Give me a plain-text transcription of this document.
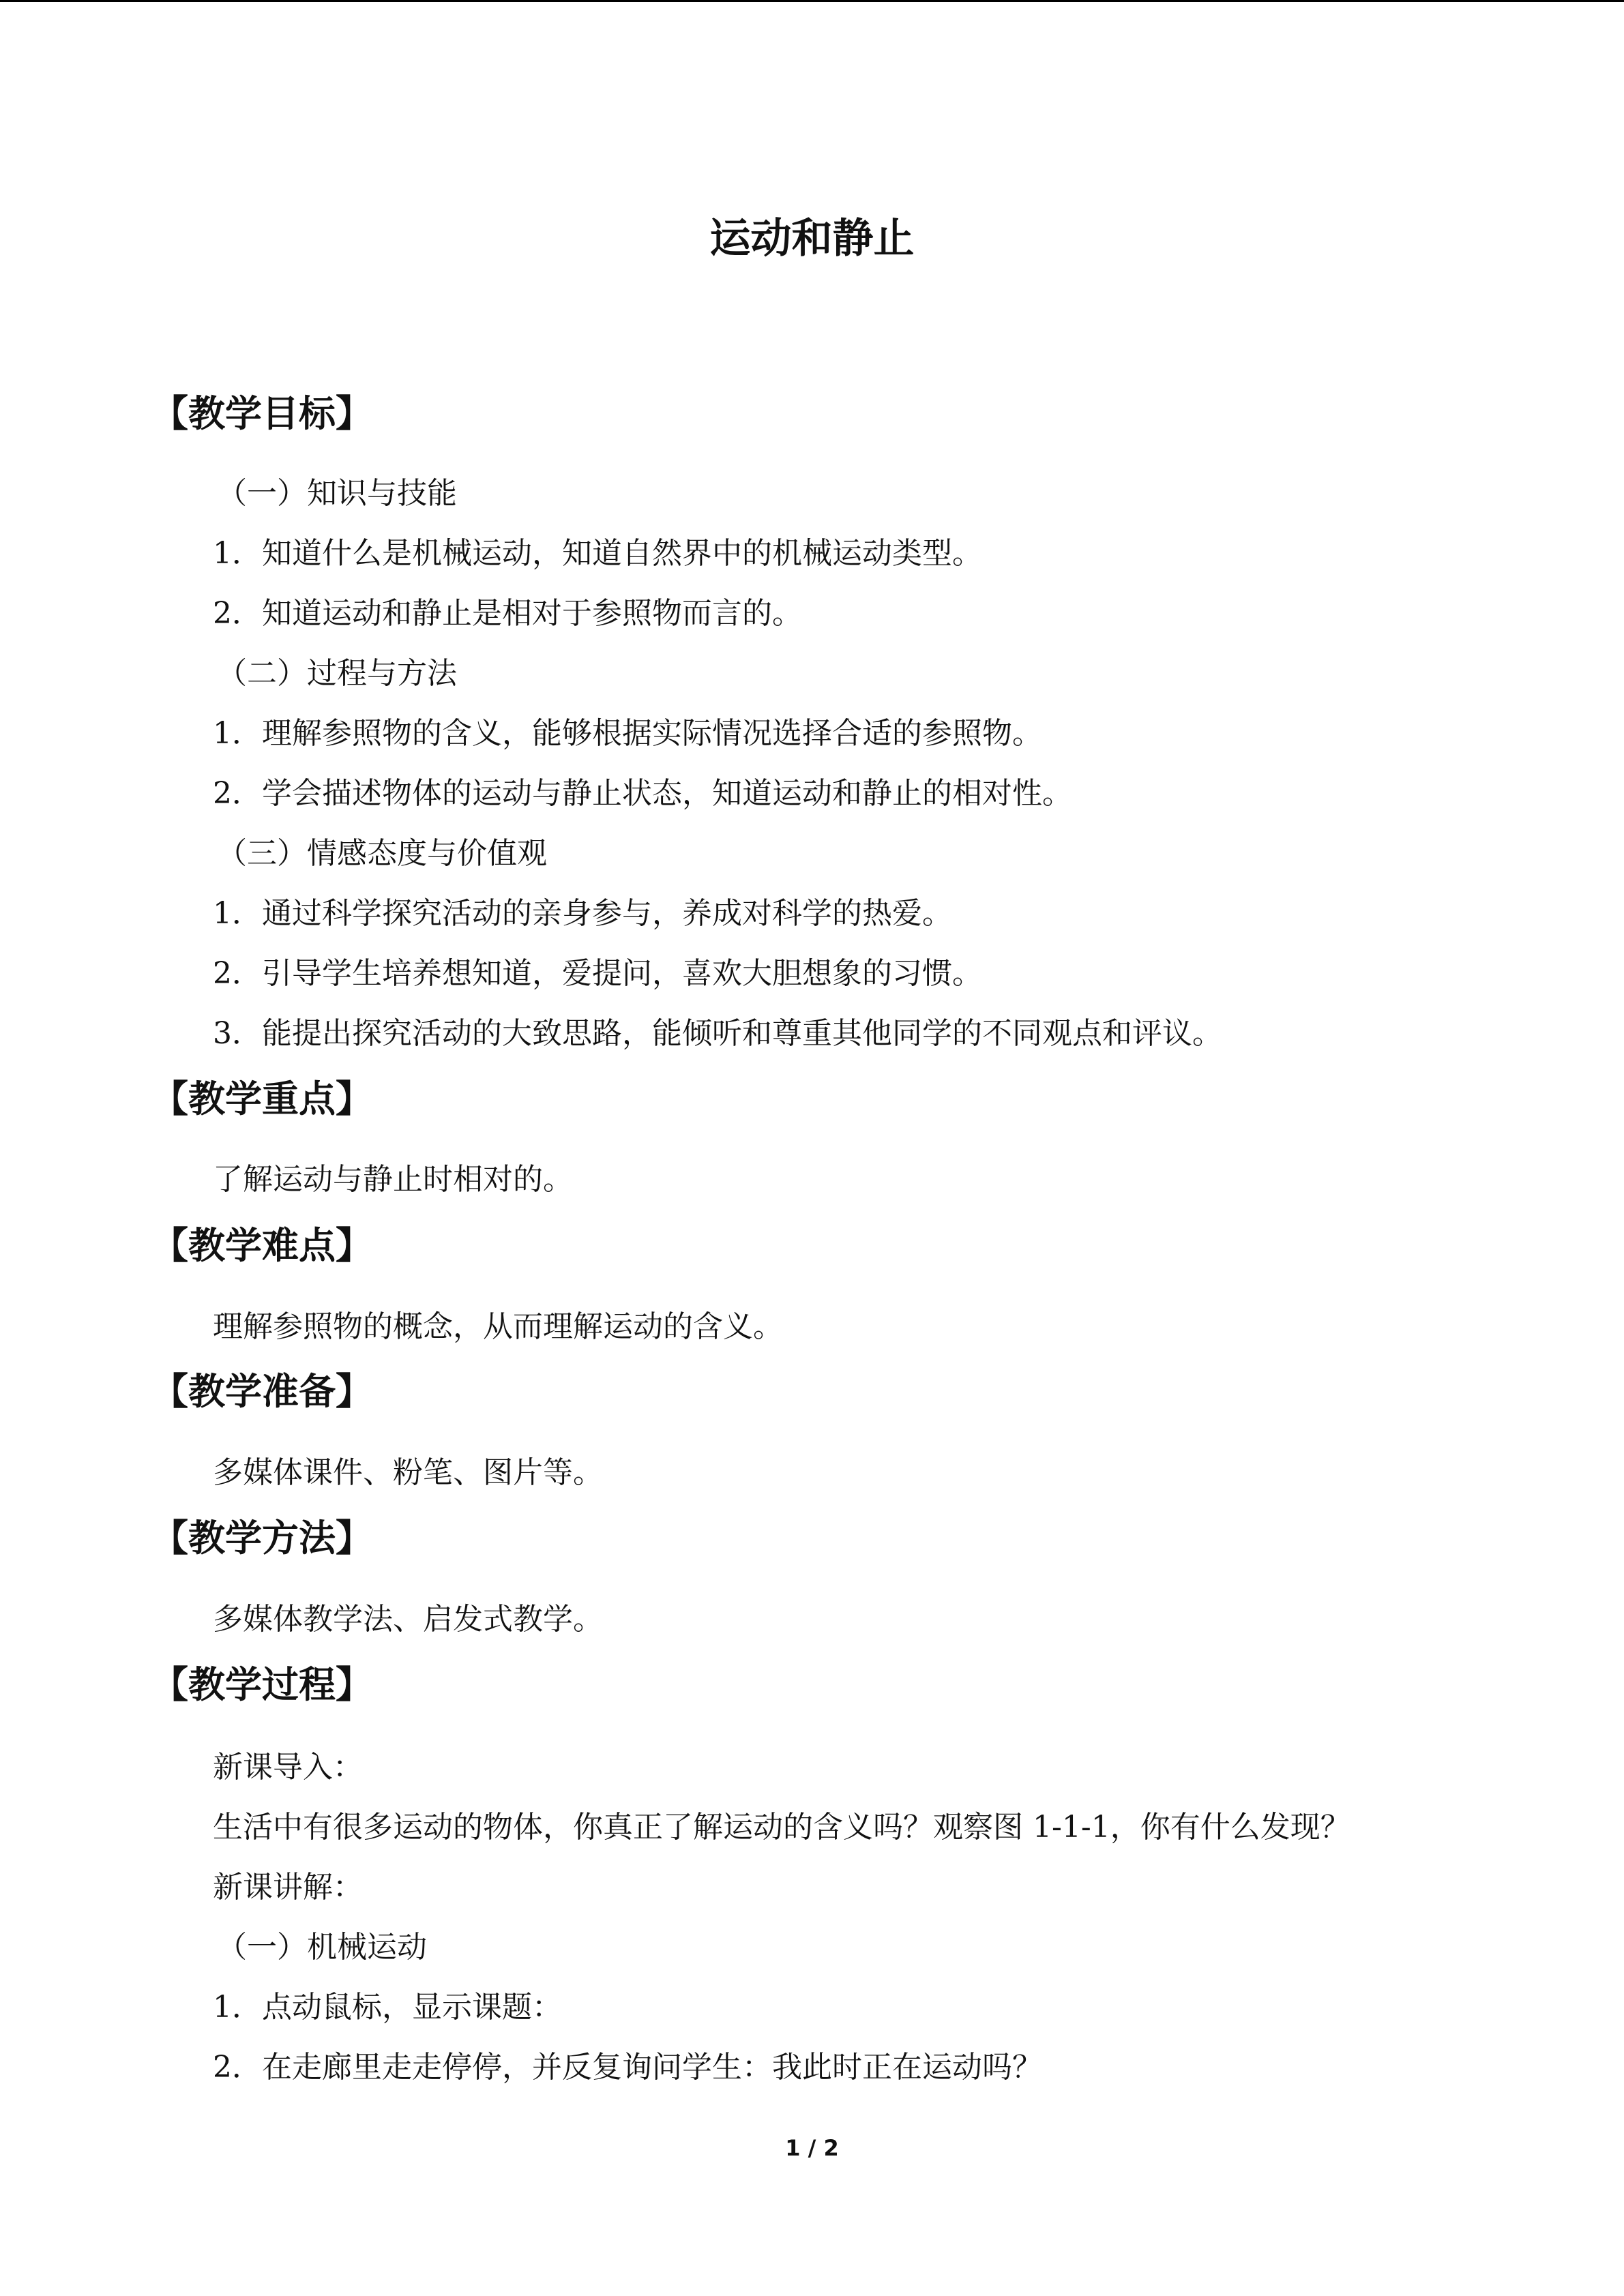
运动和静止
【教学目标】
（一）知识与技能
1．知道什么是机械运动，知道自然界中的机械运动类型。
2．知道运动和静止是相对于参照物而言的。
（二）过程与方法
1．理解参照物的含义，能够根据实际情况选择合适的参照物。
2．学会描述物体的运动与静止状态，知道运动和静止的相对性。
（三）情感态度与价值观
1．通过科学探究活动的亲身参与，养成对科学的热爱。
2．引导学生培养想知道，爱提问，喜欢大胆想象的习惯。
3．能提出探究活动的大致思路，能倾听和尊重其他同学的不同观点和评议。
【教学重点】
了解运动与静止时相对的。
【教学难点】
理解参照物的概念，从而理解运动的含义。
【教学准备】
多媒体课件、粉笔、图片等。
【教学方法】
多媒体教学法、启发式教学。
【教学过程】
新课导入：
生活中有很多运动的物体，你真正了解运动的含义吗？观察图 1-1-1，你有什么发现？
新课讲解：
（一）机械运动
1．点动鼠标，显示课题：
2．在走廊里走走停停，并反复询问学生：我此时正在运动吗？
1 / 2
